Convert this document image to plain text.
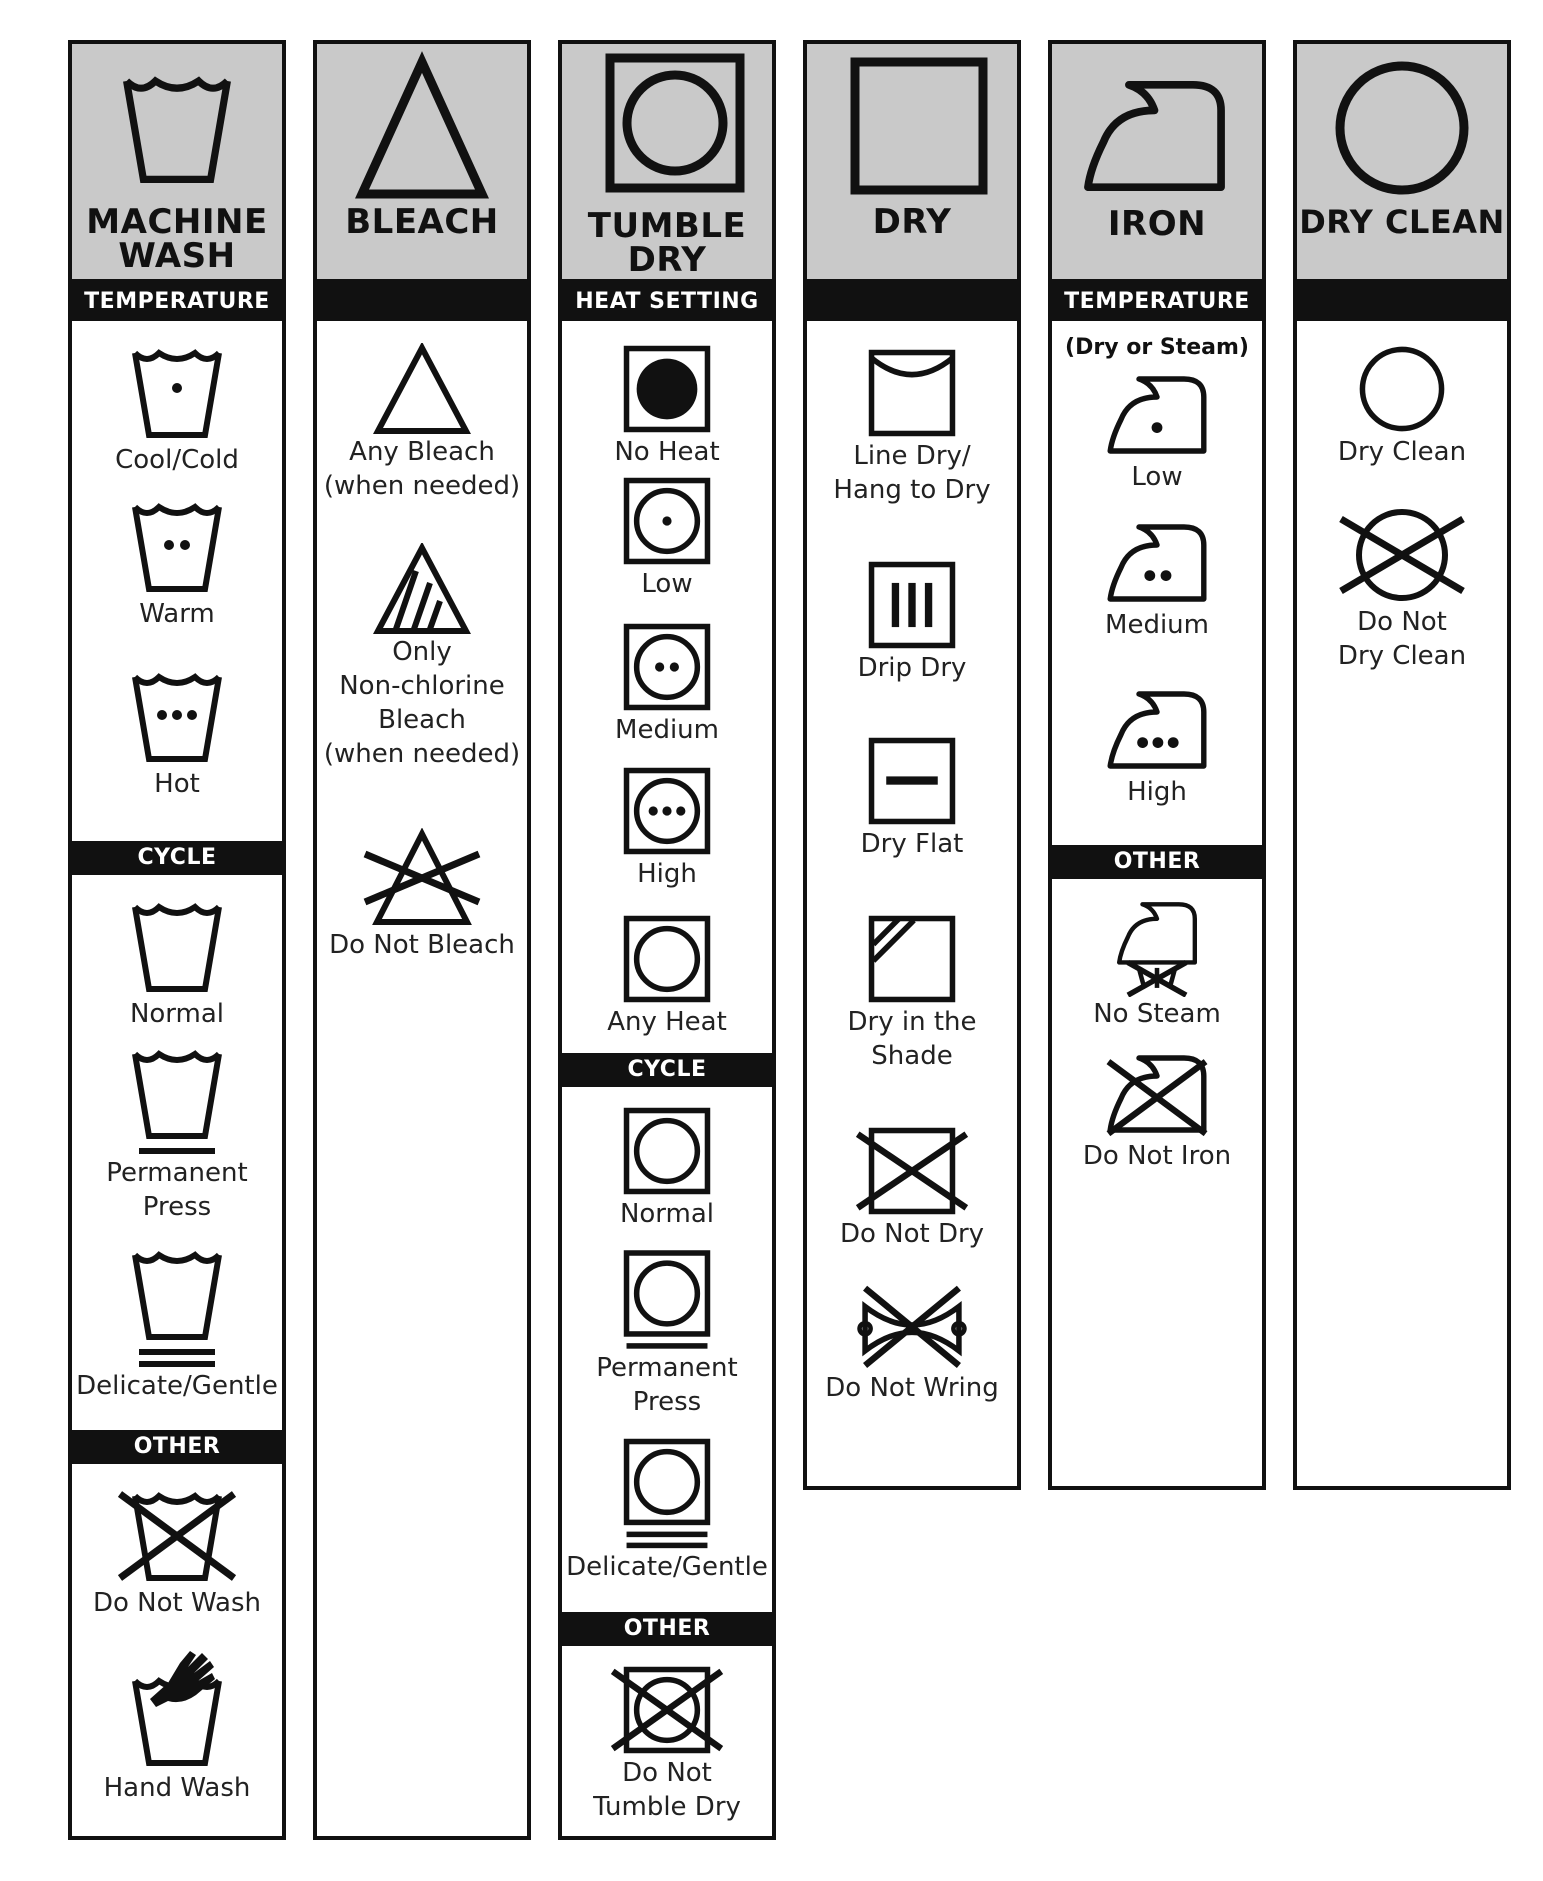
MACHINE
WASH
TEMPERATURE
Cool/Cold
Warm
Hot
CYCLE
Normal
Permanent Press
Delicate/Gentle
OTHER
Do Not Wash
Hand Wash
BLEACH
Any Bleach
(when needed)
Only
Non-chlorine
Bleach
(when needed)
Do Not Bleach
TUMBLE
DRY
HEAT SETTING
No Heat
Low
Medium
High
Any Heat
CYCLE
Normal
Permanent Press
Delicate/Gentle
OTHER
Do Not
Tumble Dry
DRY
Line Dry/
Hang to Dry
Drip Dry
Dry Flat
Dry in the
Shade
Do Not Dry
Do Not Wring
IRON
TEMPERATURE
(Dry or Steam)
Low
Medium
High
OTHER
No Steam
Do Not Iron
DRY CLEAN
Dry Clean
Do Not
Dry Clean
